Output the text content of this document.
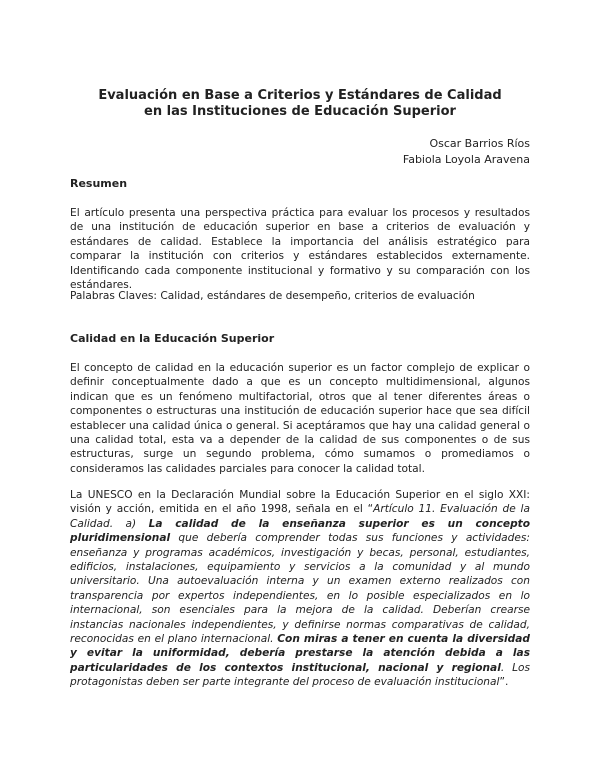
Evaluación en Base a Criterios y Estándares de Calidad
en las Instituciones de Educación Superior
Oscar Barrios Ríos
Fabiola Loyola Aravena
Resumen
El artículo presenta una perspectiva práctica para evaluar los procesos y resultados de una institución de educación superior en base a criterios de evaluación y estándares de calidad. Establece la importancia del análisis estratégico para comparar la institución con criterios y estándares establecidos externamente. Identificando cada componente institucional y formativo y su comparación con los estándares.
Palabras Claves: Calidad, estándares de desempeño, criterios de evaluación
Calidad en la Educación Superior
El concepto de calidad en la educación superior es un factor complejo de explicar o definir conceptualmente dado a que es un concepto multidimensional, algunos indican que es un fenómeno multifactorial, otros que al tener diferentes áreas o componentes o estructuras una institución de educación superior hace que sea difícil establecer una calidad única o general. Si aceptáramos que hay una calidad general o una calidad total, esta va a depender de la calidad de sus componentes o de sus estructuras, surge un segundo problema, cómo sumamos o promediamos o consideramos las calidades parciales para conocer la calidad total.
La UNESCO en la Declaración Mundial sobre la Educación Superior en el siglo XXI: visión y acción, emitida en el año 1998, señala en el “Artículo 11. Evaluación de la Calidad. a) La calidad de la enseñanza superior es un concepto pluridimensional que debería comprender todas sus funciones y actividades: enseñanza y programas académicos, investigación y becas, personal, estudiantes, edificios, instalaciones, equipamiento y servicios a la comunidad y al mundo universitario. Una autoevaluación interna y un examen externo realizados con transparencia por expertos independientes, en lo posible especializados en lo internacional, son esenciales para la mejora de la calidad. Deberían crearse instancias nacionales independientes, y definirse normas comparativas de calidad, reconocidas en el plano internacional. Con miras a tener en cuenta la diversidad y evitar la uniformidad, debería prestarse la atención debida a las particularidades de los contextos institucional, nacional y regional. Los protagonistas deben ser parte integrante del proceso de evaluación institucional”.
